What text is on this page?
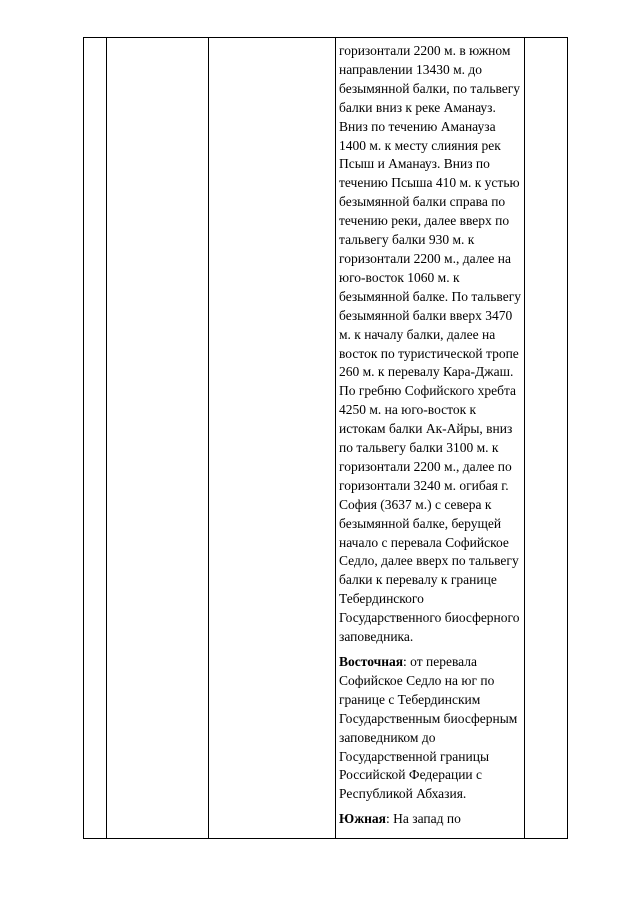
горизонтали 2200 м. в южном направлении 13430 м. до безымянной балки, по тальвегу балки вниз к реке Аманауз. Вниз по течению Аманауза 1400 м. к месту слияния рек Псыш и Аманауз. Вниз по течению Псыша 410 м. к устью безымянной балки справа по течению реки, далее вверх по тальвегу балки 930 м. к горизонтали 2200 м., далее на юго-восток 1060 м. к безымянной балке. По тальвегу безымянной балки вверх 3470 м. к началу балки, далее на восток по туристической тропе 260 м. к перевалу Кара-Джаш. По гребню Софийского хребта 4250 м. на юго-восток к истокам балки Ак-Айры, вниз по тальвегу балки 3100 м. к горизонтали 2200 м., далее по горизонтали 3240 м. огибая г. София (3637 м.) с севера к безымянной балке, берущей начало с перевала Софийское Седло, далее вверх по тальвегу балки к перевалу к границе Тебердинского Государственного биосферного заповедника.

Восточная: от перевала Софийское Седло на юг по границе с Тебердинским Государственным биосферным заповедником до Государственной границы Российской Федерации с Республикой Абхазия.

Южная: На запад по
